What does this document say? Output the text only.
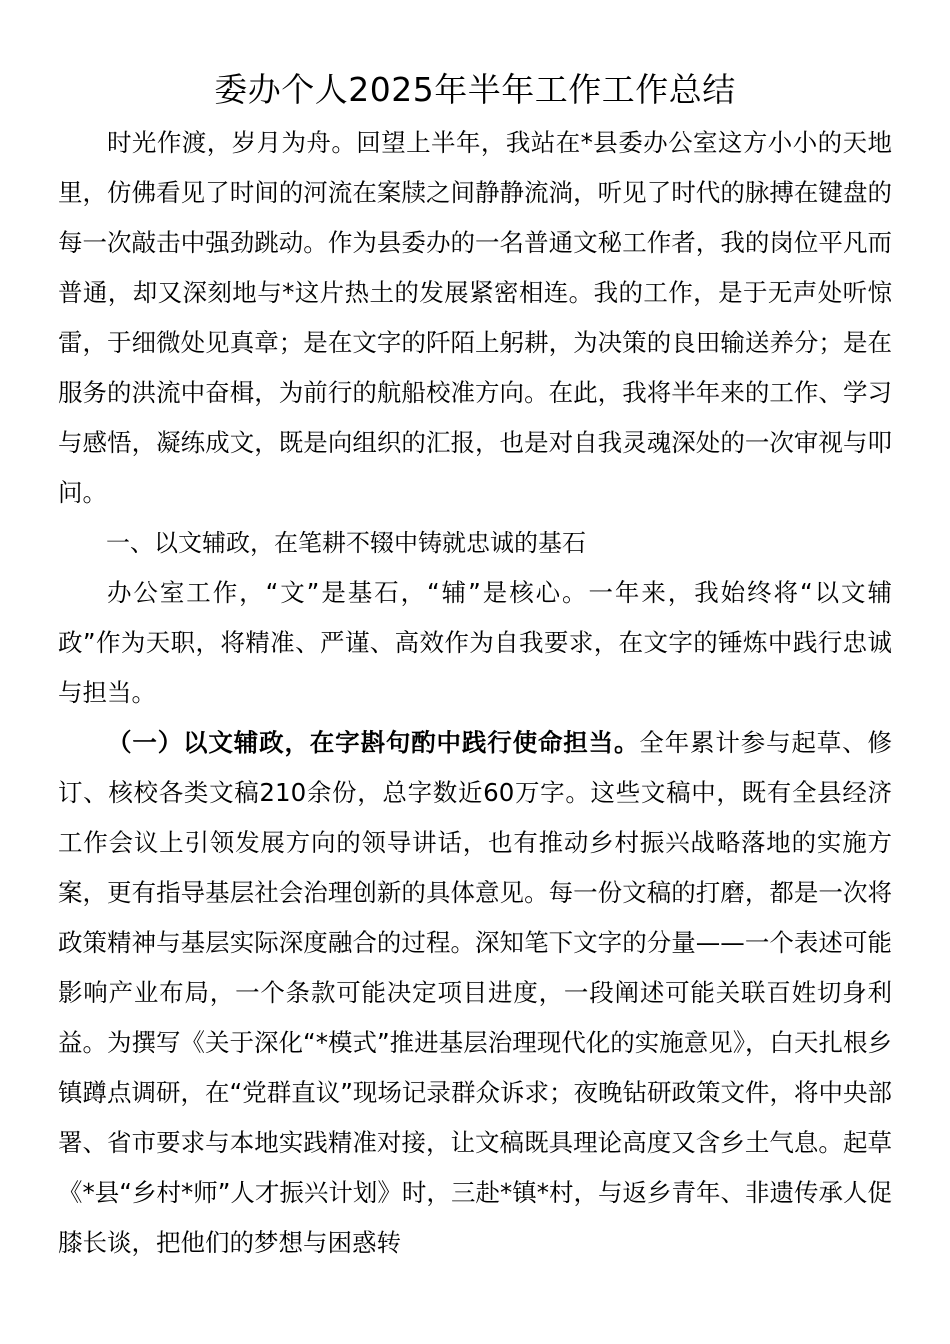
委办个人2025年半年工作工作总结

时光作渡，岁月为舟。回望上半年，我站在*县委办公室这方小小的天地里，仿佛看见了时间的河流在案牍之间静静流淌，听见了时代的脉搏在键盘的每一次敲击中强劲跳动。作为县委办的一名普通文秘工作者，我的岗位平凡而普通，却又深刻地与*这片热土的发展紧密相连。我的工作，是于无声处听惊雷，于细微处见真章；是在文字的阡陌上躬耕，为决策的良田输送养分；是在服务的洪流中奋楫，为前行的航船校准方向。在此，我将半年来的工作、学习与感悟，凝练成文，既是向组织的汇报，也是对自我灵魂深处的一次审视与叩问。

一、以文辅政，在笔耕不辍中铸就忠诚的基石

办公室工作，“文”是基石，“辅”是核心。一年来，我始终将“以文辅政”作为天职，将精准、严谨、高效作为自我要求，在文字的锤炼中践行忠诚与担当。

（一）以文辅政，在字斟句酌中践行使命担当。全年累计参与起草、修订、核校各类文稿210余份，总字数近60万字。这些文稿中，既有全县经济工作会议上引领发展方向的领导讲话，也有推动乡村振兴战略落地的实施方案，更有指导基层社会治理创新的具体意见。每一份文稿的打磨，都是一次将政策精神与基层实际深度融合的过程。深知笔下文字的分量——一个表述可能影响产业布局，一个条款可能决定项目进度，一段阐述可能关联百姓切身利益。为撰写《关于深化“*模式”推进基层治理现代化的实施意见》，白天扎根乡镇蹲点调研，在“党群直议”现场记录群众诉求；夜晚钻研政策文件，将中央部署、省市要求与本地实践精准对接，让文稿既具理论高度又含乡土气息。起草《*县“乡村*师”人才振兴计划》时，三赴*镇*村，与返乡青年、非遗传承人促膝长谈，把他们的梦想与困惑转
